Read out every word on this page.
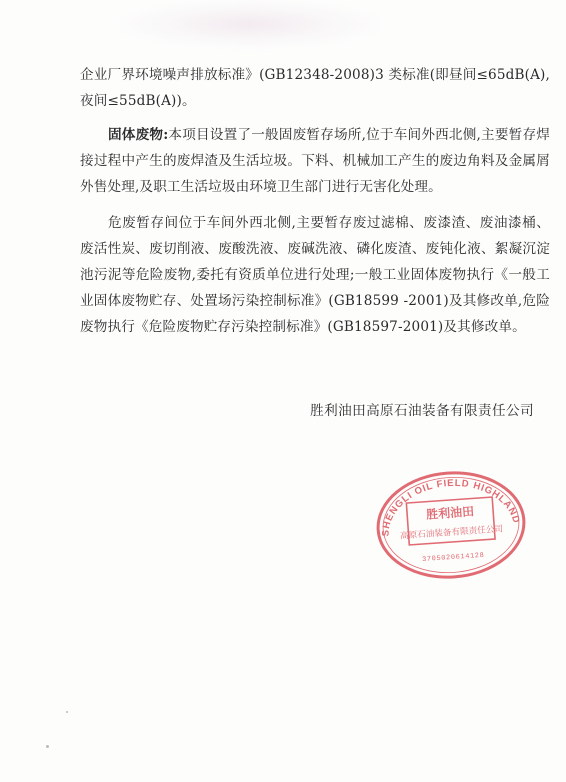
企业厂界环境噪声排放标准》(GB12348-2008)3 类标准(即昼间≤65dB(A),夜间≤55dB(A))。

固体废物:本项目设置了一般固废暂存场所,位于车间外西北侧,主要暂存焊接过程中产生的废焊渣及生活垃圾。下料、机械加工产生的废边角料及金属屑外售处理,及职工生活垃圾由环境卫生部门进行无害化处理。

危废暂存间位于车间外西北侧,主要暂存废过滤棉、废漆渣、废油漆桶、废活性炭、废切削液、废酸洗液、废碱洗液、磷化废渣、废钝化液、絮凝沉淀池污泥等危险废物,委托有资质单位进行处理;一般工业固体废物执行《一般工业固体废物贮存、处置场污染控制标准》(GB18599 -2001)及其修改单,危险废物执行《危险废物贮存污染控制标准》(GB18597-2001)及其修改单。

胜利油田高原石油装备有限责任公司
SHENGLI OIL FIELD HIGHLAND
胜利油田
高原石油装备有限责任公司
3705020614128
